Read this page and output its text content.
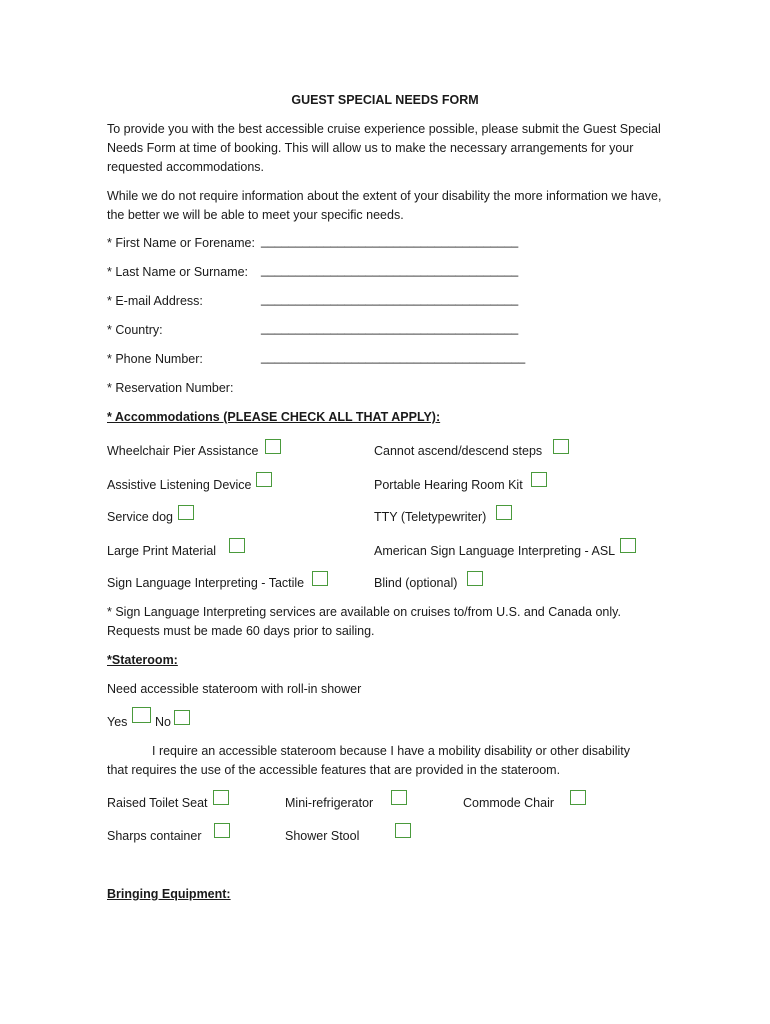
GUEST SPECIAL NEEDS FORM
To provide you with the best accessible cruise experience possible, please submit the Guest Special Needs Form at time of booking. This will allow us to make the necessary arrangements for your requested accommodations.
While we do not require information about the extent of your disability the more information we have, the better we will be able to meet your specific needs.
* First Name or Forename: _____________________________________
* Last Name or Surname: _____________________________________
* E-mail Address:	_____________________________________
* Country:	_____________________________________
* Phone Number:	______________________________________
* Reservation Number:
* Accommodations (PLEASE CHECK ALL THAT APPLY):
Wheelchair Pier Assistance	Cannot ascend/descend steps
Assistive Listening Device	Portable Hearing Room Kit
Service dog	TTY (Teletypewriter)
Large Print Material	American Sign Language Interpreting - ASL
Sign Language Interpreting - Tactile	Blind (optional)
* Sign Language Interpreting services are available on cruises to/from U.S. and Canada only. Requests must be made 60 days prior to sailing.
*Stateroom:
Need accessible stateroom with roll-in shower
Yes No
I require an accessible stateroom because I have a mobility disability or other disability
that requires the use of the accessible features that are provided in the stateroom.
Raised Toilet Seat	Mini-refrigerator	Commode Chair
Sharps container	Shower Stool
Bringing Equipment:
